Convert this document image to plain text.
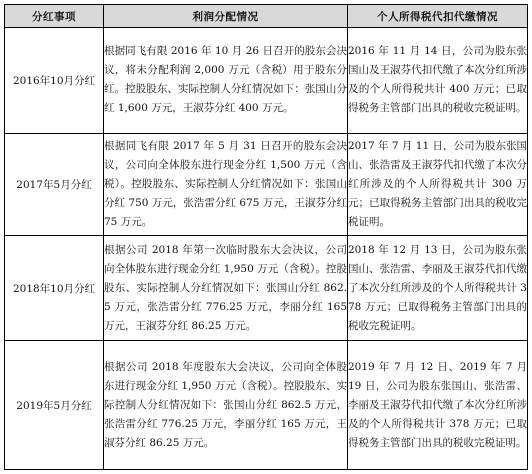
分红事项	利润分配情况	个人所得税代扣代缴情况
2016年10月分红	根据同飞有限 2016 年 10 月 26 日召开的股东会决议，将未分配利润 2,000 万元（含税）用于股东分红。控股股东、实际控制人分红情况如下：张国山分红 1,600 万元，王淑芬分红 400 万元。	2016 年 11 月 14 日，公司为股东张国山及王淑芬代扣代缴了本次分红所涉及的个人所得税共计 400 万元；已取得税务主管部门出具的税收完税证明。

2017年5月分红	根据同飞有限 2017 年 5 月 31 日召开的股东会决议，公司向全体股东进行现金分红 1,500 万元（含税）。控股股东、实际控制人分红情况如下：张国山分红 750 万元，张浩雷分红 675 万元，王淑芬分红 75 万元。	2017 年 7 月 11 日，公司为股东张国山、张浩雷及王淑芬代扣代缴了本次分红所涉及的个人所得税共计 300 万元；已取得税务主管部门出具的税收完税证明。

2018年10月分红	根据公司 2018 年第一次临时股东大会决议，公司向全体股东进行现金分红 1,950 万元（含税）。控股股东、实际控制人分红情况如下：张国山分红 862.5 万元，张浩雷分红 776.25 万元，李丽分红 165 万元，王淑芬分红 86.25 万元。	2018 年 12 月 13 日，公司为股东张国山、张浩雷、李丽及王淑芬代扣代缴了本次分红所涉及的个人所得税共计 378 万元；已取得税务主管部门出具的税收完税证明。

2019年5月分红	根据公司 2018 年度股东大会决议，公司向全体股东进行现金分红 1,950 万元（含税）。控股股东、实际控制人分红情况如下：张国山分红 862.5 万元，张浩雷分红 776.25 万元，李丽分红 165 万元，王淑芬分红 86.25 万元。	2019 年 7 月 12 日、2019 年 7 月 19 日，公司为股东张国山、张浩雷、李丽及王淑芬代扣代缴了本次分红所涉及的个人所得税共计 378 万元；已取得税务主管部门出具的税收完税证明。
